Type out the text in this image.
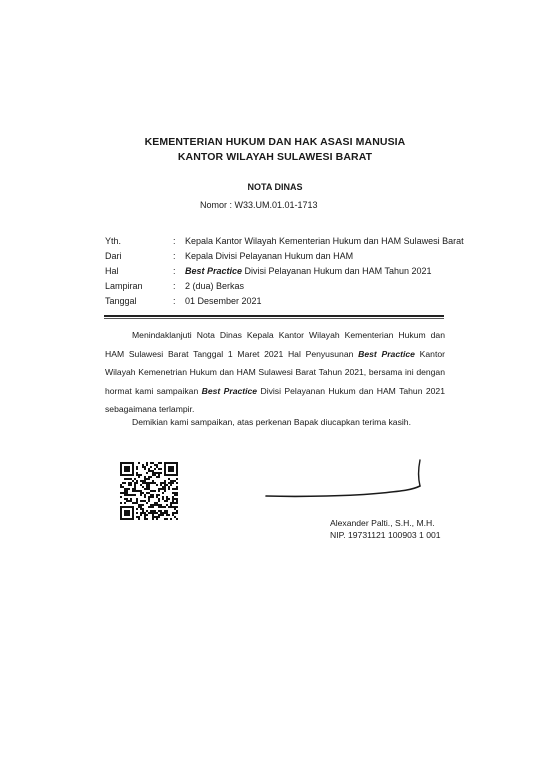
KEMENTERIAN HUKUM DAN HAK ASASI MANUSIA
KANTOR WILAYAH SULAWESI BARAT
NOTA DINAS
Nomor : W33.UM.01.01-1713
Yth.	: Kepala Kantor Wilayah Kementerian Hukum dan HAM Sulawesi Barat
Dari	: Kepala Divisi Pelayanan Hukum dan HAM
Hal	: Best Practice Divisi Pelayanan Hukum dan HAM Tahun 2021
Lampiran	: 2 (dua) Berkas
Tanggal	: 01 Desember 2021
Menindaklanjuti Nota Dinas Kepala Kantor Wilayah Kementerian Hukum dan HAM Sulawesi Barat Tanggal 1 Maret 2021 Hal Penyusunan Best Practice Kantor Wilayah Kemenetrian Hukum dan HAM Sulawesi Barat Tahun 2021, bersama ini dengan hormat kami sampaikan Best Practice Divisi Pelayanan Hukum dan HAM Tahun 2021 sebagaimana terlampir.
Demikian kami sampaikan, atas perkenan Bapak diucapkan terima kasih.
Alexander Palti., S.H., M.H.
NIP. 19731121 100903 1 001
